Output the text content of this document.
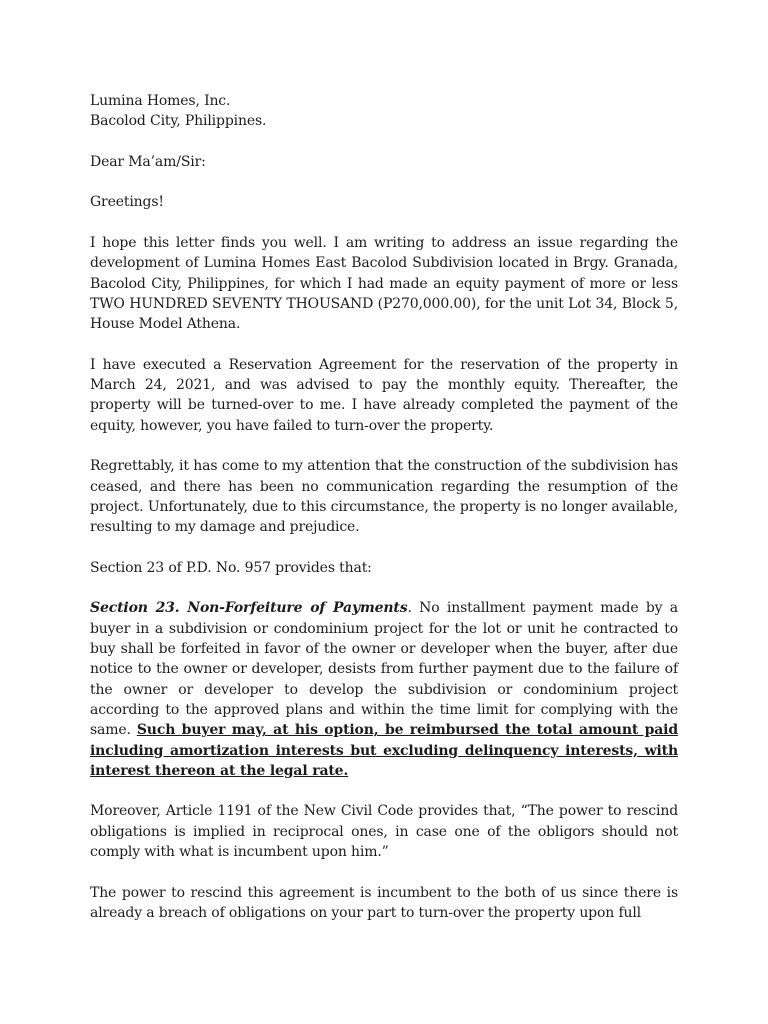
Lumina Homes, Inc.
Bacolod City, Philippines.

Dear Ma’am/Sir:

Greetings!

I hope this letter finds you well. I am writing to address an issue regarding the development of Lumina Homes East Bacolod Subdivision located in Brgy. Granada, Bacolod City, Philippines, for which I had made an equity payment of more or less TWO HUNDRED SEVENTY THOUSAND (P270,000.00), for the unit Lot 34, Block 5, House Model Athena.

I have executed a Reservation Agreement for the reservation of the property in March 24, 2021, and was advised to pay the monthly equity. Thereafter, the property will be turned-over to me. I have already completed the payment of the equity, however, you have failed to turn-over the property.

Regrettably, it has come to my attention that the construction of the subdivision has ceased, and there has been no communication regarding the resumption of the project. Unfortunately, due to this circumstance, the property is no longer available, resulting to my damage and prejudice.

Section 23 of P.D. No. 957 provides that:

Section 23. Non-Forfeiture of Payments. No installment payment made by a buyer in a subdivision or condominium project for the lot or unit he contracted to buy shall be forfeited in favor of the owner or developer when the buyer, after due notice to the owner or developer, desists from further payment due to the failure of the owner or developer to develop the subdivision or condominium project according to the approved plans and within the time limit for complying with the same. Such buyer may, at his option, be reimbursed the total amount paid including amortization interests but excluding delinquency interests, with interest thereon at the legal rate.

Moreover, Article 1191 of the New Civil Code provides that, “The power to rescind obligations is implied in reciprocal ones, in case one of the obligors should not comply with what is incumbent upon him.”

The power to rescind this agreement is incumbent to the both of us since there is already a breach of obligations on your part to turn-over the property upon full
